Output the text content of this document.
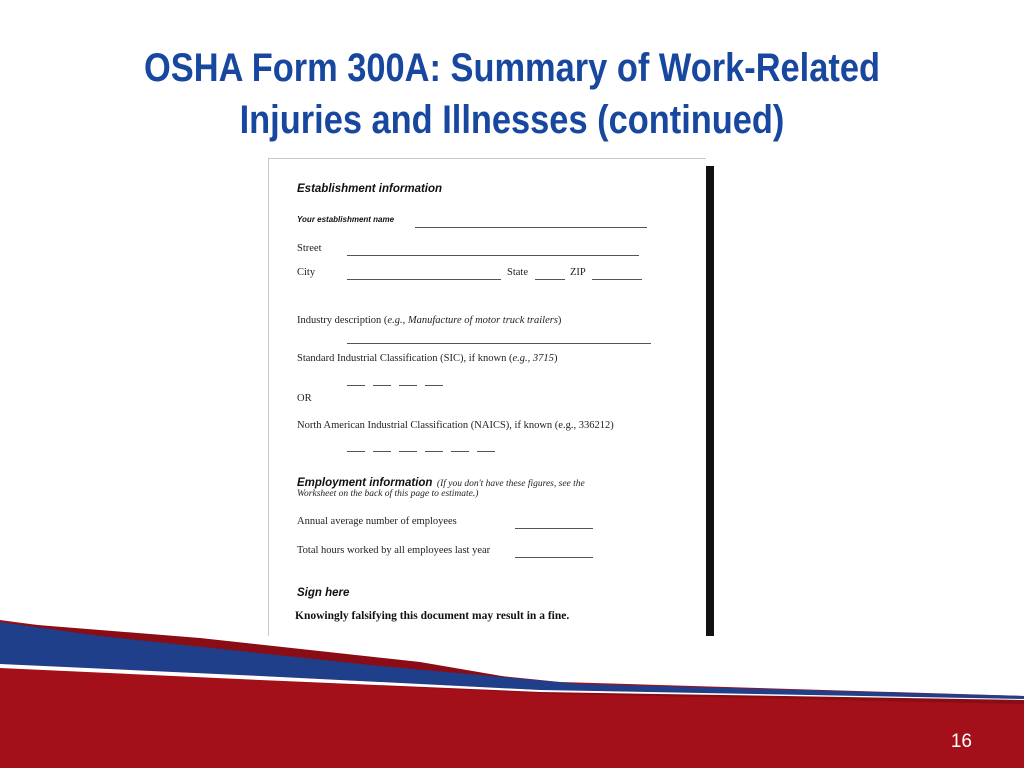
OSHA Form 300A: Summary of Work-Related
Injuries and Illnesses (continued)
Establishment information
Your establishment name
Street
City	State	ZIP
Industry description (e.g., Manufacture of motor truck trailers)
Standard Industrial Classification (SIC), if known (e.g., 3715)
OR
North American Industrial Classification (NAICS), if known (e.g., 336212)
Employment information (If you don't have these figures, see the
Worksheet on the back of this page to estimate.)
Annual average number of employees
Total hours worked by all employees last year
Sign here
Knowingly falsifying this document may result in a fine.
16
